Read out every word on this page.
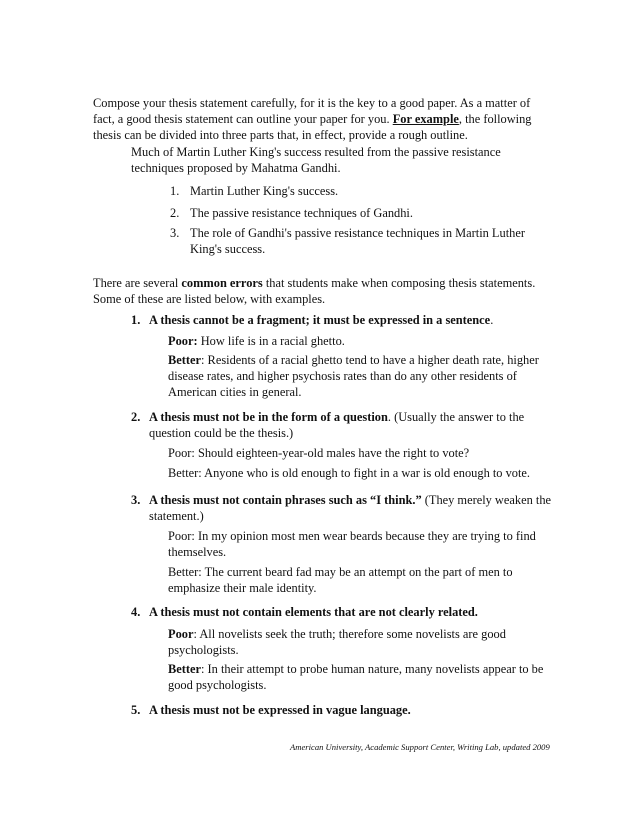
Compose your thesis statement carefully, for it is the key to a good paper. As a matter of fact, a good thesis statement can outline your paper for you. For example, the following thesis can be divided into three parts that, in effect, provide a rough outline.

Much of Martin Luther King's success resulted from the passive resistance techniques proposed by Mahatma Gandhi.

1. Martin Luther King's success.
2. The passive resistance techniques of Gandhi.
3. The role of Gandhi's passive resistance techniques in Martin Luther King's success.

There are several common errors that students make when composing thesis statements. Some of these are listed below, with examples.

1. A thesis cannot be a fragment; it must be expressed in a sentence.
Poor: How life is in a racial ghetto.
Better: Residents of a racial ghetto tend to have a higher death rate, higher disease rates, and higher psychosis rates than do any other residents of American cities in general.
2. A thesis must not be in the form of a question. (Usually the answer to the question could be the thesis.)
Poor: Should eighteen-year-old males have the right to vote?
Better: Anyone who is old enough to fight in a war is old enough to vote.
3. A thesis must not contain phrases such as “I think.” (They merely weaken the statement.)
Poor: In my opinion most men wear beards because they are trying to find themselves.
Better: The current beard fad may be an attempt on the part of men to emphasize their male identity.
4. A thesis must not contain elements that are not clearly related.
Poor: All novelists seek the truth; therefore some novelists are good psychologists.
Better: In their attempt to probe human nature, many novelists appear to be good psychologists.
5. A thesis must not be expressed in vague language.
American University, Academic Support Center, Writing Lab, updated 2009
